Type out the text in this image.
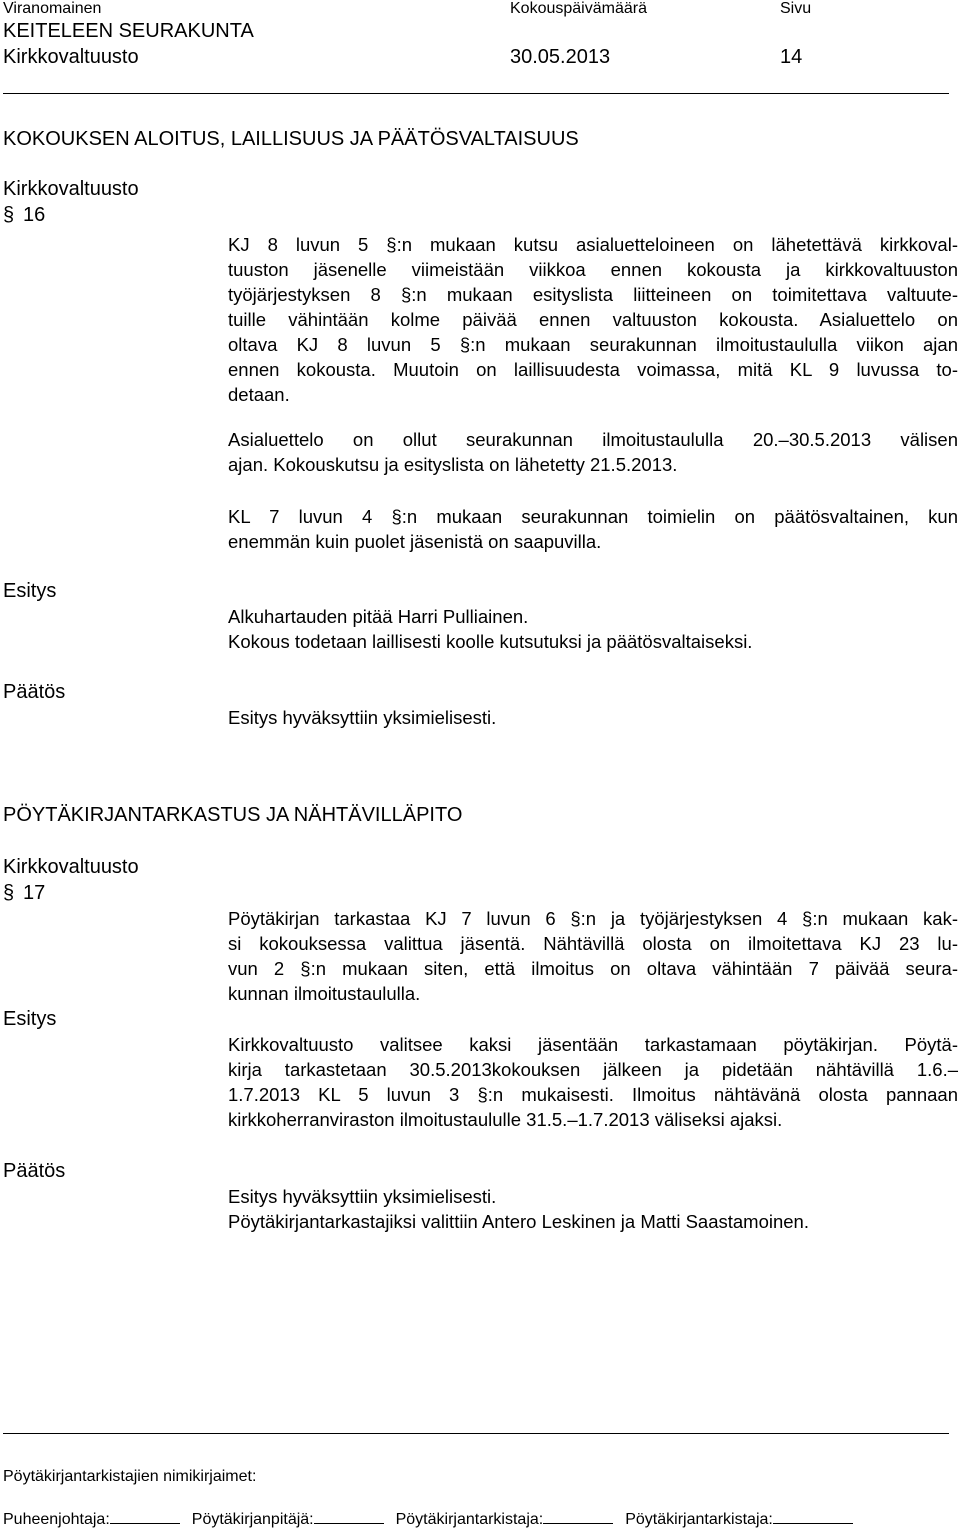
Viranomainen	Kokouspäivämäärä	Sivu
KEITELEEN SEURAKUNTA
Kirkkovaltuusto	30.05.2013	14
KOKOUKSEN ALOITUS, LAILLISUUS JA PÄÄTÖSVALTAISUUS
Kirkkovaltuusto
§ 16
KJ 8 luvun 5 §:n mukaan kutsu asialuetteloineen on lähetettävä kirkkoval-
tuuston jäsenelle viimeistään viikkoa ennen kokousta ja kirkkovaltuuston
työjärjestyksen 8 §:n mukaan esityslista liitteineen on toimitettava valtuute-
tuille vähintään kolme päivää ennen valtuuston kokousta. Asialuettelo on
oltava KJ 8 luvun 5 §:n mukaan seurakunnan ilmoitustaululla viikon ajan
ennen kokousta. Muutoin on laillisuudesta voimassa, mitä KL 9 luvussa to-
detaan.
Asialuettelo on ollut seurakunnan ilmoitustaululla 20.–30.5.2013 välisen
ajan. Kokouskutsu ja esityslista on lähetetty 21.5.2013.
KL 7 luvun 4 §:n mukaan seurakunnan toimielin on päätösvaltainen, kun
enemmän kuin puolet jäsenistä on saapuvilla.
Esitys
Alkuhartauden pitää Harri Pulliainen.
Kokous todetaan laillisesti koolle kutsutuksi ja päätösvaltaiseksi.
Päätös
Esitys hyväksyttiin yksimielisesti.
PÖYTÄKIRJANTARKASTUS JA NÄHTÄVILLÄPITO
Kirkkovaltuusto
§ 17
Pöytäkirjan tarkastaa KJ 7 luvun 6 §:n ja työjärjestyksen 4 §:n mukaan kak-
si kokouksessa valittua jäsentä. Nähtävillä olosta on ilmoitettava KJ 23 lu-
vun 2 §:n mukaan siten, että ilmoitus on oltava vähintään 7 päivää seura-
kunnan ilmoitustaululla.
Esitys
Kirkkovaltuusto valitsee kaksi jäsentään tarkastamaan pöytäkirjan. Pöytä-
kirja tarkastetaan 30.5.2013kokouksen jälkeen ja pidetään nähtävillä 1.6.–
1.7.2013 KL 5 luvun 3 §:n mukaisesti. Ilmoitus nähtävänä olosta pannaan
kirkkoherranviraston ilmoitustaululle 31.5.–1.7.2013 väliseksi ajaksi.
Päätös
Esitys hyväksyttiin yksimielisesti.
Pöytäkirjantarkastajiksi valittiin Antero Leskinen ja Matti Saastamoinen.
Pöytäkirjantarkistajien nimikirjaimet:
Puheenjohtaja:	Pöytäkirjanpitäjä:	Pöytäkirjantarkistaja:	Pöytäkirjantarkistaja:
